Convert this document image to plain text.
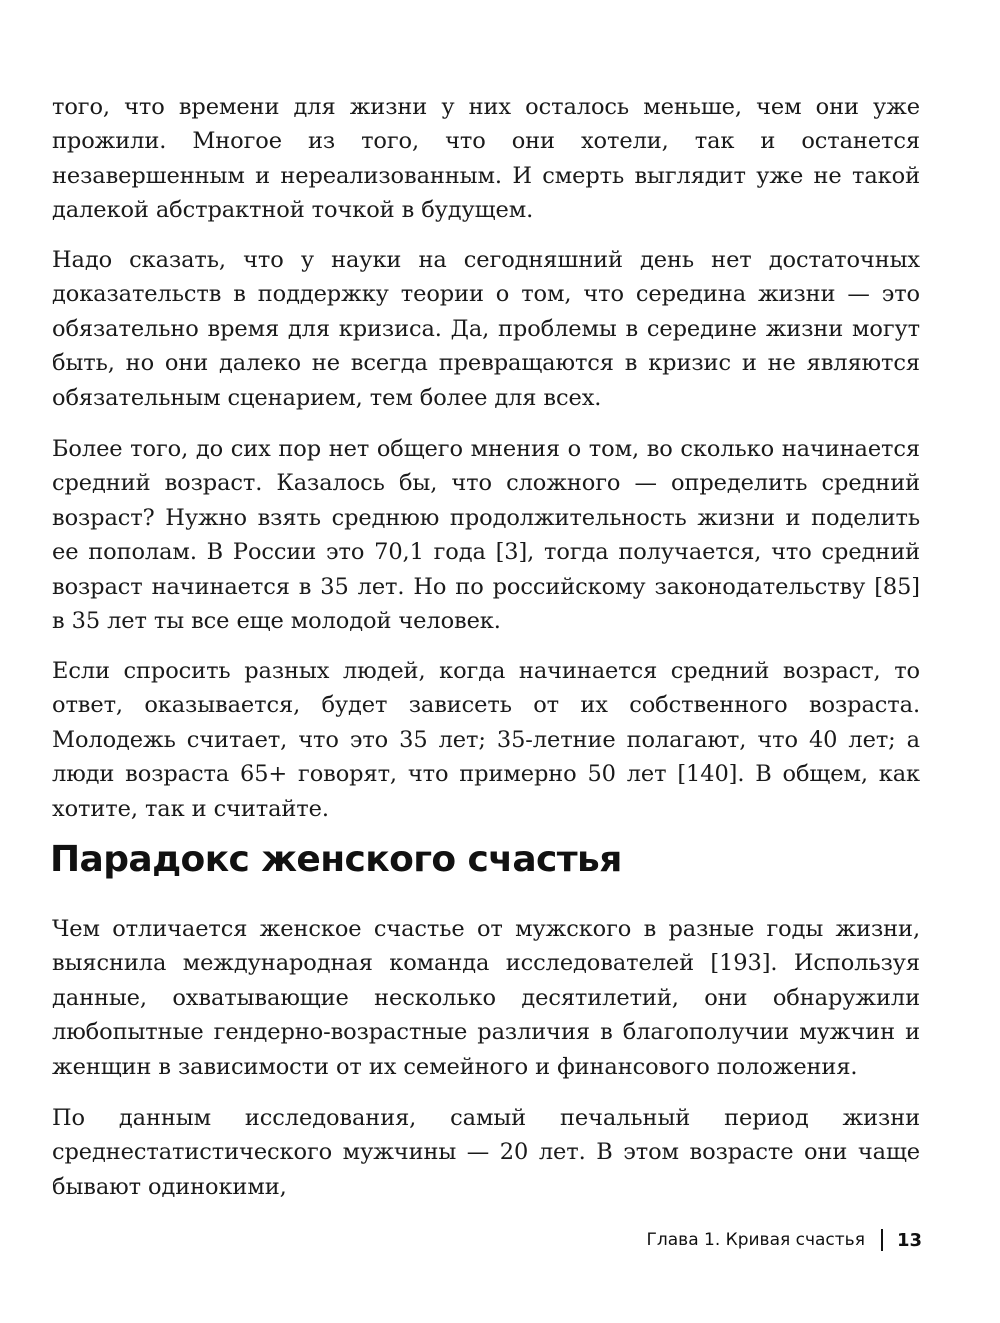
того, что времени для жизни у них осталось меньше, чем они уже прожили. Многое из того, что они хотели, так и останется незавершенным и нереализованным. И смерть выглядит уже не такой далекой абстрактной точкой в будущем.

Надо сказать, что у науки на сегодняшний день нет достаточных доказательств в поддержку теории о том, что середина жизни — это обязательно время для кризиса. Да, проблемы в середине жизни могут быть, но они далеко не всегда превращаются в кризис и не являются обязательным сценарием, тем более для всех.

Более того, до сих пор нет общего мнения о том, во сколько начинается средний возраст. Казалось бы, что сложного — определить средний возраст? Нужно взять среднюю продолжительность жизни и поделить ее пополам. В России это 70,1 года [3], тогда получается, что средний возраст начинается в 35 лет. Но по российскому законодательству [85] в 35 лет ты все еще молодой человек.

Если спросить разных людей, когда начинается средний возраст, то ответ, оказывается, будет зависеть от их собственного возраста. Молодежь считает, что это 35 лет; 35-летние полагают, что 40 лет; а люди возраста 65+ говорят, что примерно 50 лет [140]. В общем, как хотите, так и считайте.

Парадокс женского счастья

Чем отличается женское счастье от мужского в разные годы жизни, выяснила международная команда исследователей [193]. Используя данные, охватывающие несколько десятилетий, они обнаружили любопытные гендерно-возрастные различия в благополучии мужчин и женщин в зависимости от их семейного и финансового положения.

По данным исследования, самый печальный период жизни среднестатистического мужчины — 20 лет. В этом возрасте они чаще бывают одинокими,

Глава 1. Кривая счастья 13
